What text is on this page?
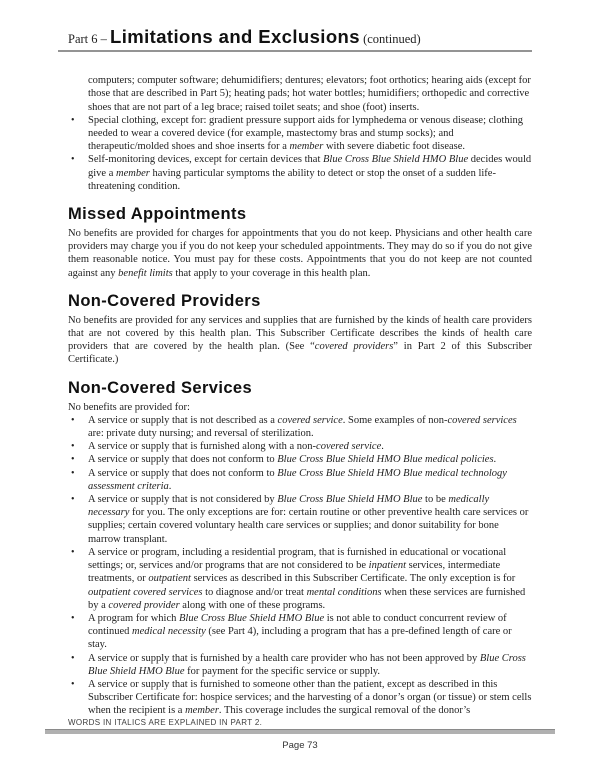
Part 6 – Limitations and Exclusions (continued)
computers; computer software; dehumidifiers; dentures; elevators; foot orthotics; hearing aids (except for those that are described in Part 5); heating pads; hot water bottles; humidifiers; orthopedic and corrective shoes that are not part of a leg brace; raised toilet seats; and shoe (foot) inserts.
•	Special clothing, except for: gradient pressure support aids for lymphedema or venous disease; clothing needed to wear a covered device (for example, mastectomy bras and stump socks); and therapeutic/molded shoes and shoe inserts for a member with severe diabetic foot disease.
•	Self-monitoring devices, except for certain devices that Blue Cross Blue Shield HMO Blue decides would give a member having particular symptoms the ability to detect or stop the onset of a sudden life-threatening condition.
Missed Appointments

No benefits are provided for charges for appointments that you do not keep. Physicians and other health care providers may charge you if you do not keep your scheduled appointments. They may do so if you do not give them reasonable notice. You must pay for these costs. Appointments that you do not keep are not counted against any benefit limits that apply to your coverage in this health plan.

Non-Covered Providers

No benefits are provided for any services and supplies that are furnished by the kinds of health care providers that are not covered by this health plan. This Subscriber Certificate describes the kinds of health care providers that are covered by the health plan. (See “covered providers” in Part 2 of this Subscriber Certificate.)

Non-Covered Services

No benefits are provided for:

•	A service or supply that is not described as a covered service. Some examples of non-covered services are: private duty nursing; and reversal of sterilization.
•	A service or supply that is furnished along with a non-covered service.
•	A service or supply that does not conform to Blue Cross Blue Shield HMO Blue medical policies.
•	A service or supply that does not conform to Blue Cross Blue Shield HMO Blue medical technology assessment criteria.
•	A service or supply that is not considered by Blue Cross Blue Shield HMO Blue to be medically necessary for you. The only exceptions are for: certain routine or other preventive health care services or supplies; certain covered voluntary health care services or supplies; and donor suitability for bone marrow transplant.
•	A service or program, including a residential program, that is furnished in educational or vocational settings; or, services and/or programs that are not considered to be inpatient services, intermediate treatments, or outpatient services as described in this Subscriber Certificate. The only exception is for outpatient covered services to diagnose and/or treat mental conditions when these services are furnished by a covered provider along with one of these programs.
•	A program for which Blue Cross Blue Shield HMO Blue is not able to conduct concurrent review of continued medical necessity (see Part 4), including a program that has a pre-defined length of care or stay.
•	A service or supply that is furnished by a health care provider who has not been approved by Blue Cross Blue Shield HMO Blue for payment for the specific service or supply.
•	A service or supply that is furnished to someone other than the patient, except as described in this Subscriber Certificate for: hospice services; and the harvesting of a donor’s organ (or tissue) or stem cells when the recipient is a member. This coverage includes the surgical removal of the donor’s
WORDS IN ITALICS ARE EXPLAINED IN PART 2.
Page 73
